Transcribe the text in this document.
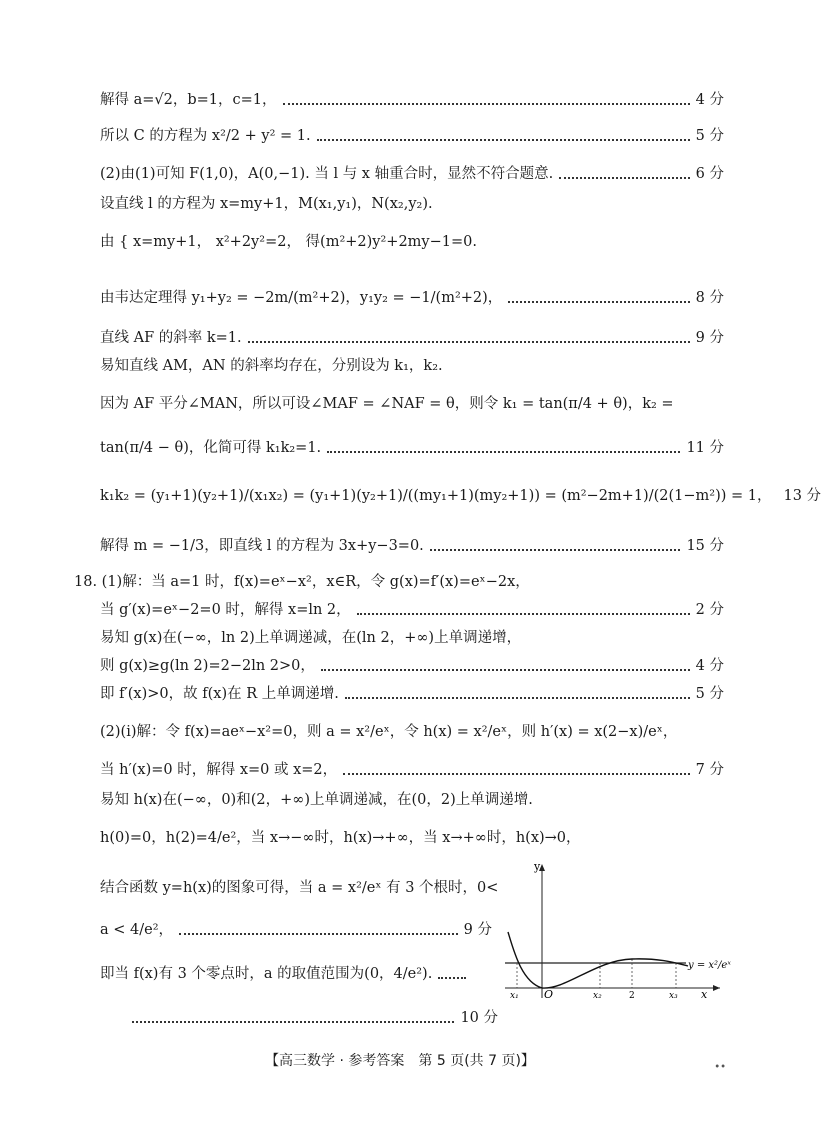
解得 a=√2，b=1，c=1，	4 分
所以 C 的方程为 x²/2 + y² = 1.	5 分
(2)由(1)可知 F(1,0)，A(0,−1). 当 l 与 x 轴重合时，显然不符合题意.	6 分
设直线 l 的方程为 x=my+1，M(x₁,y₁)，N(x₂,y₂).
由 { x=my+1， x²+2y²=2， 得(m²+2)y²+2my−1=0.
由韦达定理得 y₁+y₂ = −2m/(m²+2)，y₁y₂ = −1/(m²+2)，	8 分
直线 AF 的斜率 k=1.	9 分
易知直线 AM，AN 的斜率均存在，分别设为 k₁，k₂.
因为 AF 平分∠MAN，所以可设∠MAF = ∠NAF = θ，则令 k₁ = tan(π/4 + θ)，k₂ =
tan(π/4 − θ)，化简可得 k₁k₂=1.	11 分
k₁k₂ = (y₁+1)(y₂+1)/(x₁x₂) = (y₁+1)(y₂+1)/((my₁+1)(my₂+1)) = (m²−2m+1)/(2(1−m²)) = 1， 13 分
解得 m = −1/3，即直线 l 的方程为 3x+y−3=0.	15 分
18. (1)解：当 a=1 时，f(x)=eˣ−x²，x∈R，令 g(x)=f′(x)=eˣ−2x，
当 g′(x)=eˣ−2=0 时，解得 x=ln 2，	2 分
易知 g(x)在(−∞，ln 2)上单调递减，在(ln 2，+∞)上单调递增，
则 g(x)≥g(ln 2)=2−2ln 2>0，	4 分
即 f′(x)>0，故 f(x)在 R 上单调递增.	5 分
(2)(ⅰ)解：令 f(x)=aeˣ−x²=0，则 a = x²/eˣ，令 h(x) = x²/eˣ，则 h′(x) = x(2−x)/eˣ，
当 h′(x)=0 时，解得 x=0 或 x=2，	7 分
易知 h(x)在(−∞，0)和(2，+∞)上单调递减，在(0，2)上单调递增.
h(0)=0，h(2)=4/e²，当 x→−∞时，h(x)→+∞，当 x→+∞时，h(x)→0，
结合函数 y=h(x)的图象可得，当 a = x²/eˣ 有 3 个根时，0<
a < 4/e²，	9 分
即当 f(x)有 3 个零点时，a 的取值范围为(0，4/e²).
10 分
y
x
O
y = x²/eˣ
x₁	x₂	2	x₃
【高三数学 · 参考答案　第 5 页(共 7 页)】	••
